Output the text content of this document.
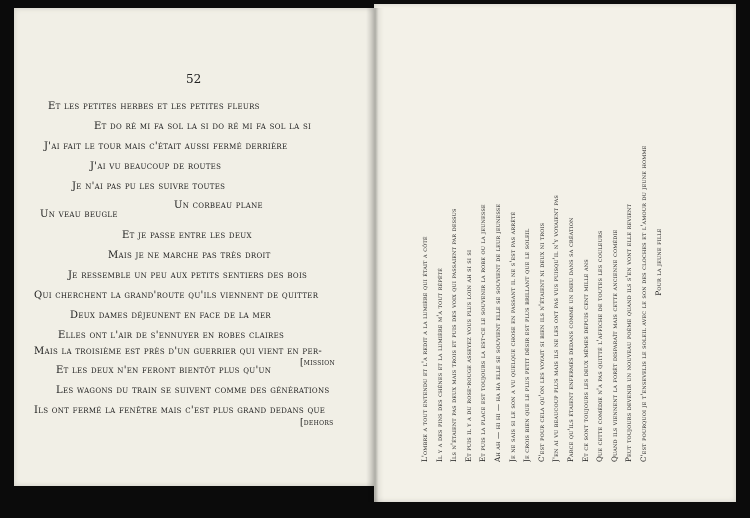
52
Et les petites herbes et les petites fleurs
Et do ré mi fa sol la si do ré mi fa sol la si
J'ai fait le tour mais c'était aussi fermé derrière
J'ai vu beaucoup de routes
Je n'ai pas pu les suivre toutes
Un corbeau plane
Un veau beugle
Et je passe entre les deux
Mais je ne marche pas très droit
Je ressemble un peu aux petits sentiers des bois
Qui cherchent la grand'route qu'ils viennent de quitter
Deux dames déjeunent en face de la mer
Elles ont l'air de s'ennuyer en robes claires
Mais la troisième est près d'un guerrier qui vient en per-
[mission
Et les deux n'en feront bientôt plus qu'un
Les wagons du train se suivent comme des générations
Ils ont fermé la fenêtre mais c'est plus grand dedans que
[dehors	L'ombre a tout entendu et l'a redit a la lumière qui était a côté Il y a des pins des chênes et la lumière m'a tout répété Ils n'étaient pas deux mais trois et puis des voix qui passaient par dessus Et puis il y a du rose-rouge asseyez vous plus loin ah si si si Et puis la place est toujours la est-ce le souvenir la robe ou la jeunesse Ah ah — hi hi — ha ha elle se souvient elle se souvient de leur jeunesse Je ne sais si le son a vu quelque chose en passant il ne s'est pas arrêté Je crois bien que le plus petit désir est plus brillant que le soleil C'est pour cela qu'on les voyait si bien ils n'étaient ni deux ni trois J'en ai vu beaucoup plus mais ils ne les ont pas vus puisqu'il n'y voyaient pas Parce qu'ils étaient enfermés dedans comme un dieu dans sa création Et ce sont toujours les deux mêmes depuis cent mille ans Que cette comédie n'a pas quitté l'affiche de toutes les couleurs Quand ils viennent la forêt disparaît mais cette ancienne comédie Peut toujours devenir un nouveau poème quand ils s'en vont elle revient C'est pourquoi je t'ensevelis le soleil avec le son des cloches et l'amour du jeune homme Pour la jeune fille
